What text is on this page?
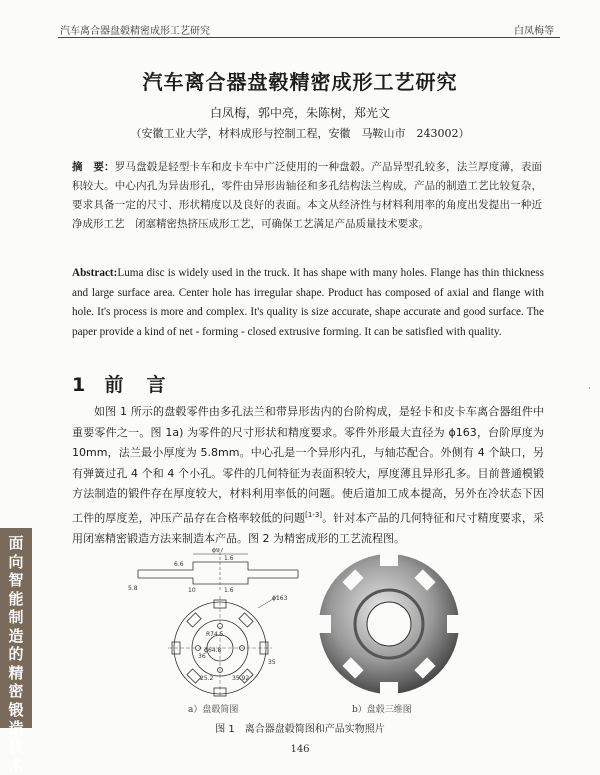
汽车离合器盘毂精密成形工艺研究	白凤梅等
汽车离合器盘毂精密成形工艺研究
白凤梅，郭中亮，朱陈树，郑光文
（安徽工业大学，材料成形与控制工程，安徽　马鞍山市　243002）
摘　要：罗马盘毂是轻型卡车和皮卡车中广泛使用的一种盘毂。产品异型孔较多，法兰厚度薄，表面积较大。中心内孔为异齿形孔，零件由异形齿轴径和多孔结构法兰构成，产品的制造工艺比较复杂，要求具备一定的尺寸、形状精度以及良好的表面。本文从经济性与材料利用率的角度出发提出一种近净成形工艺　闭塞精密热挤压成形工艺，可确保工艺满足产品质量技术要求。
Abstract:Luma disc is widely used in the truck. It has shape with many holes. Flange has thin thickness and large surface area. Center hole has irregular shape. Product has composed of axial and flange with hole. It's process is more and complex. It's quality is size accurate, shape accurate and good surface. The paper provide a kind of net - forming - closed extrusive forming. It can be satisfied with quality.
1 前　言
如图 1 所示的盘毂零件由多孔法兰和带异形齿内的台阶构成，是轻卡和皮卡车离合器组件中重要零件之一。图 1a) 为零件的尺寸形状和精度要求。零件外形最大直径为 ϕ163，台阶厚度为 10mm，法兰最小厚度为 5.8mm。中心孔是一个异形内孔，与轴芯配合。外侧有 4 个缺口，另有弹簧过孔 4 个和 4 个小孔。零件的几何特征为表面积较大，厚度薄且异形孔多。目前普通模锻方法制造的锻件存在厚度较大，材料利用率低的问题。使后道加工成本提高，另外在冷状态下因工件的厚度差，冲压产品存在合格率较低的问题[1-3]。针对本产品的几何特征和尺寸精度要求，采用闭塞精密锻造方法来制造本产品。图 2 为精密成形的工艺流程图。
面向智能制造的精密锻造技术
ϕ97
1.6
6.6
5.8	10	1.6
ϕ163
R74.5
36
ϕ64.8
35
25.2	35.92
a）盘毂简图	b）盘毂三维图
图 1　离合器盘毂简图和产品实物照片
146
·
